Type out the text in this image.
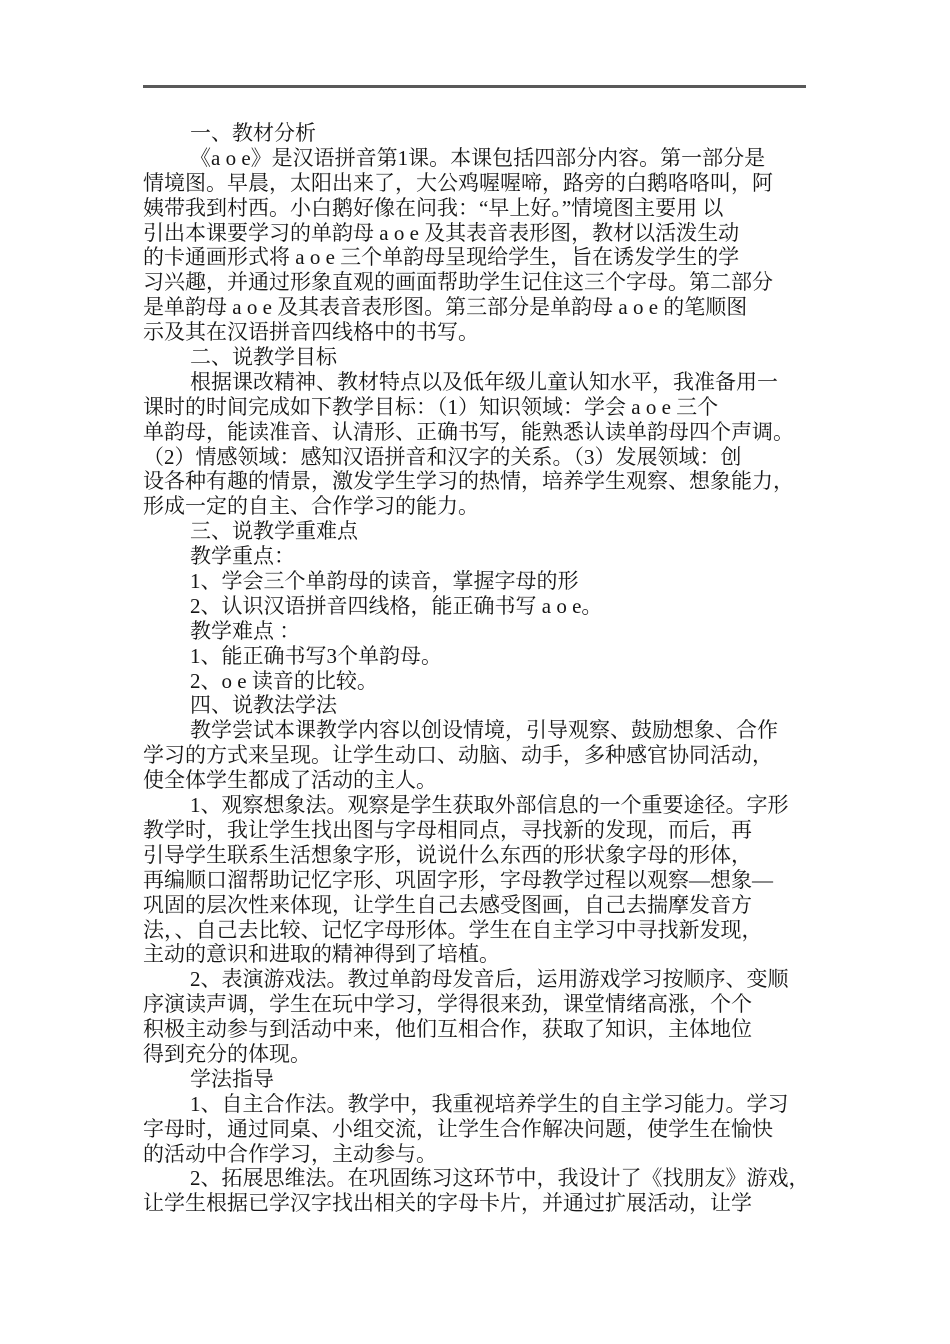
一、教材分析
《a o e》是汉语拼音第1课。本课包括四部分内容。第一部分是
情境图。早晨，太阳出来了，大公鸡喔喔啼，路旁的白鹅咯咯叫，阿
姨带我到村西。小白鹅好像在问我：“早上好。”情境图主要用 以
引出本课要学习的单韵母 a o e 及其表音表形图，教材以活泼生动
的卡通画形式将 a o e 三个单韵母呈现给学生，旨在诱发学生的学
习兴趣，并通过形象直观的画面帮助学生记住这三个字母。第二部分
是单韵母 a o e 及其表音表形图。第三部分是单韵母 a o e 的笔顺图
示及其在汉语拼音四线格中的书写。
二、说教学目标
根据课改精神、教材特点以及低年级儿童认知水平，我准备用一
课时的时间完成如下教学目标：（1）知识领域：学会 a o e 三个
单韵母，能读准音、认清形、正确书写，能熟悉认读单韵母四个声调。
（2）情感领域：感知汉语拼音和汉字的关系。（3）发展领域：创
设各种有趣的情景，激发学生学习的热情，培养学生观察、想象能力，
形成一定的自主、合作学习的能力。
三、说教学重难点
教学重点：
1、学会三个单韵母的读音，掌握字母的形
2、认识汉语拼音四线格，能正确书写 a o e。
教学难点 ：
1、能正确书写3个单韵母。
2、o e 读音的比较。
四、说教法学法
教学尝试本课教学内容以创设情境，引导观察、鼓励想象、合作
学习的方式来呈现。让学生动口、动脑、动手，多种感官协同活动，
使全体学生都成了活动的主人。
1、观察想象法。观察是学生获取外部信息的一个重要途径。字形
教学时，我让学生找出图与字母相同点，寻找新的发现，而后，再
引导学生联系生活想象字形，说说什么东西的形状象字母的形体，
再编顺口溜帮助记忆字形、巩固字形，字母教学过程以观察—想象—
巩固的层次性来体现，让学生自己去感受图画，自己去揣摩发音方
法，、自己去比较、记忆字母形体。学生在自主学习中寻找新发现，
主动的意识和进取的精神得到了培植。
2、表演游戏法。教过单韵母发音后，运用游戏学习按顺序、变顺
序演读声调，学生在玩中学习，学得很来劲，课堂情绪高涨，个个
积极主动参与到活动中来，他们互相合作，获取了知识，主体地位
得到充分的体现。
学法指导
1、自主合作法。教学中，我重视培养学生的自主学习能力。学习
字母时，通过同桌、小组交流，让学生合作解决问题，使学生在愉快
的活动中合作学习，主动参与。
2、拓展思维法。在巩固练习这环节中，我设计了《找朋友》游戏，
让学生根据已学汉字找出相关的字母卡片，并通过扩展活动，让学
